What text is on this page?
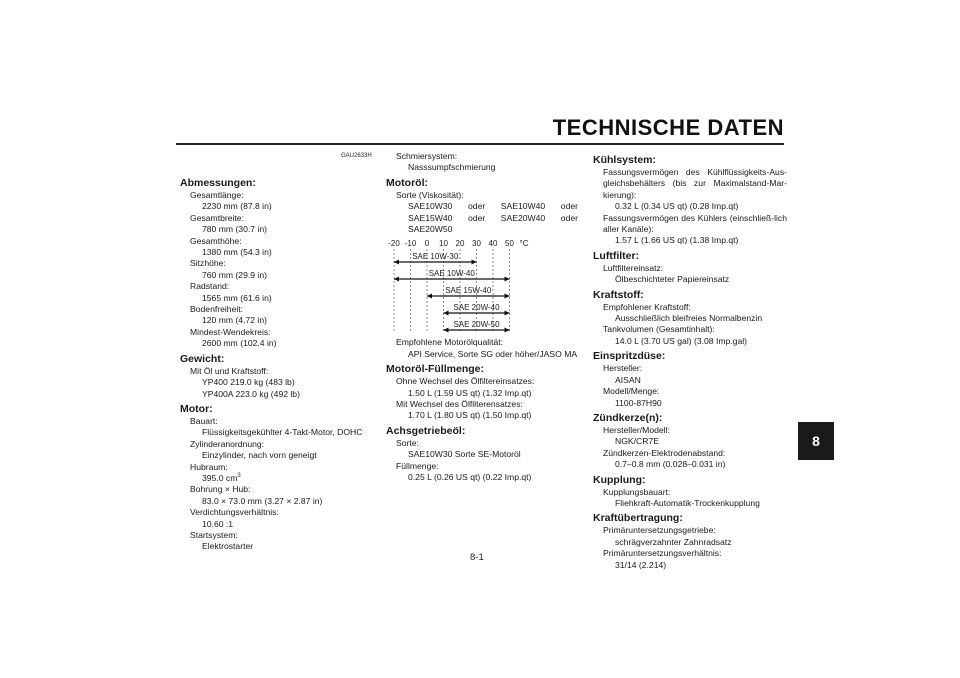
TECHNISCHE DATEN
8
GAU2633H
Abmessungen:
Gesamtlänge:
2230 mm (87.8 in)
Gesamtbreite:
780 mm (30.7 in)
Gesamthöhe:
1380 mm (54.3 in)
Sitzhöhe:
760 mm (29.9 in)
Radstand:
1565 mm (61.6 in)
Bodenfreiheit:
120 mm (4.72 in)
Mindest-Wendekreis:
2600 mm (102.4 in)
Gewicht:
Mit Öl und Kraftstoff:
YP400 219.0 kg (483 lb)
YP400A 223.0 kg (492 lb)
Motor:
Bauart:
Flüssigkeitsgekühlter 4-Takt-Motor, DOHC
Zylinderanordnung:
Einzylinder, nach vorn geneigt
Hubraum:
395.0 $cm^3$
Bohrung × Hub:
83.0 × 73.0 mm (3.27 × 2.87 in)
Verdichtungsverhältnis:
10.60 :1
Startsystem:
Elektrostarter
Schmiersystem:
Nasssumpfschmierung
Motoröl:
Sorte (Viskosität):
SAE10W30 oder SAE10W40 oder SAE15W40 oder SAE20W40 oder SAE20W50
-20 -10 0 10 20 30 40 50 °C
SAE 10W-30
SAE 10W-40
SAE 15W-40
SAE 20W-40
SAE 20W-50
Empfohlene Motorölqualität:
API Service, Sorte SG oder höher/JASO MA
Motoröl-Füllmenge:
Ohne Wechsel des Ölfiltereinsatzes:
1.50 L (1.59 US qt) (1.32 Imp.qt)
Mit Wechsel des Ölfilterensatzes:
1.70 L (1.80 US qt) (1.50 Imp.qt)
Achsgetriebeöl:
Sorte:
SAE10W30 Sorte SE-Motoröl
Füllmenge:
0.25 L (0.26 US qt) (0.22 Imp.qt)
Kühlsystem:
Fassungsvermögen des Kühlflüssigkeits-Aus-gleichsbehälters (bis zur Maximalstand-Mar-kierung):
0.32 L (0.34 US qt) (0.28 Imp.qt)
Fassungsvermögen des Kühlers (einschließ-lich aller Kanäle):
1.57 L (1.66 US qt) (1.38 Imp.qt)
Luftfilter:
Luftfiltereinsatz:
Ölbeschichteter Papiereinsatz
Kraftstoff:
Empfohlener Kraftstoff:
Ausschließlich bleifreies Normalbenzin
Tankvolumen (Gesamtinhalt):
14.0 L (3.70 US gal) (3.08 Imp.gal)
Einspritzdüse:
Hersteller:
AISAN
Modell/Menge:
1100-87H90
Zündkerze(n):
Hersteller/Modell:
NGK/CR7E
Zündkerzen-Elektrodenabstand:
0.7–0.8 mm (0.028–0.031 in)
Kupplung:
Kupplungsbauart:
Fliehkraft-Automatik-Trockenkupplung
Kraftübertragung:
Primäruntersetzungsgetriebe:
schrägverzahnter Zahnradsatz
Primäruntersetzungsverhältnis:
31/14 (2.214)
8-1
